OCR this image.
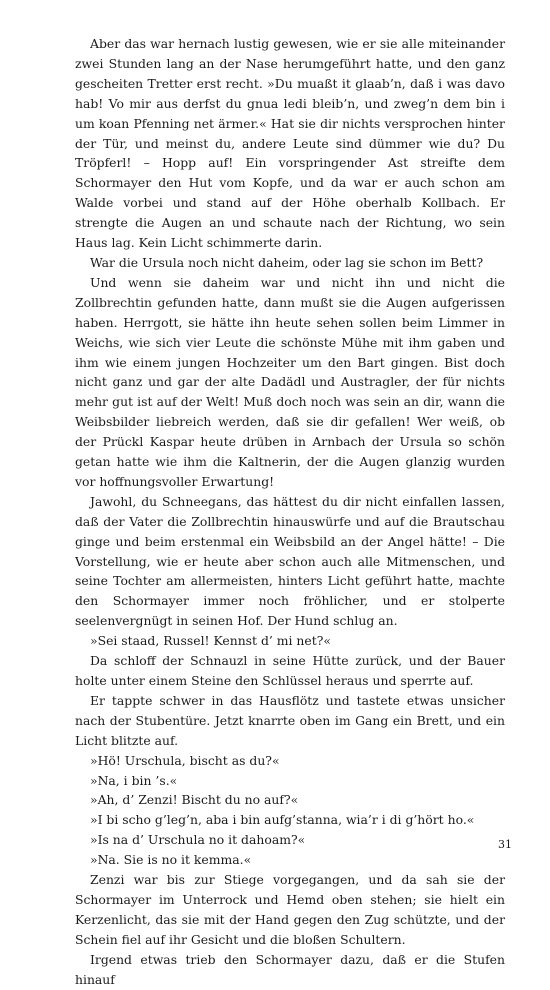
Aber das war hernach lustig gewesen, wie er sie alle miteinander zwei Stunden lang an der Nase herumgeführt hatte, und den ganz gescheiten Tretter erst recht. »Du muaßt it glaab’n, daß i was davo hab! Vo mir aus derfst du gnua ledi bleib’n, und zweg’n dem bin i um koan Pfenning net ärmer.« Hat sie dir nichts versprochen hinter der Tür, und meinst du, andere Leute sind dümmer wie du? Du Tröpferl! – Hopp auf! Ein vorspringender Ast streifte dem Schormayer den Hut vom Kopfe, und da war er auch schon am Walde vorbei und stand auf der Höhe oberhalb Kollbach. Er strengte die Augen an und schaute nach der Richtung, wo sein Haus lag. Kein Licht schimmerte darin.

War die Ursula noch nicht daheim, oder lag sie schon im Bett?

Und wenn sie daheim war und nicht ihn und nicht die Zollbrechtin gefunden hatte, dann mußt sie die Augen aufgerissen haben. Herrgott, sie hätte ihn heute sehen sollen beim Limmer in Weichs, wie sich vier Leute die schönste Mühe mit ihm gaben und ihm wie einem jungen Hochzeiter um den Bart gingen. Bist doch nicht ganz und gar der alte Dadädl und Austragler, der für nichts mehr gut ist auf der Welt! Muß doch noch was sein an dir, wann die Weibsbilder liebreich werden, daß sie dir gefallen! Wer weiß, ob der Prückl Kaspar heute drüben in Arnbach der Ursula so schön getan hatte wie ihm die Kaltnerin, der die Augen glanzig wurden vor hoffnungsvoller Erwartung!

Jawohl, du Schneegans, das hättest du dir nicht einfallen lassen, daß der Vater die Zollbrechtin hinauswürfe und auf die Brautschau ginge und beim erstenmal ein Weibsbild an der Angel hätte! – Die Vorstellung, wie er heute aber schon auch alle Mitmenschen, und seine Tochter am allermeisten, hinters Licht geführt hatte, machte den Schormayer immer noch fröhlicher, und er stolperte seelenvergnügt in seinen Hof. Der Hund schlug an.

»Sei staad, Russel! Kennst d’ mi net?«

Da schloff der Schnauzl in seine Hütte zurück, und der Bauer holte unter einem Steine den Schlüssel heraus und sperrte auf.

Er tappte schwer in das Hausflötz und tastete etwas unsicher nach der Stubentüre. Jetzt knarrte oben im Gang ein Brett, und ein Licht blitzte auf.

»Hö! Urschula, bischt as du?«

»Na, i bin ’s.«

»Ah, d’ Zenzi! Bischt du no auf?«

»I bi scho g’leg’n, aba i bin aufg’stanna, wia’r i di g’hört ho.«

»Is na d’ Urschula no it dahoam?«

»Na. Sie is no it kemma.«

Zenzi war bis zur Stiege vorgegangen, und da sah sie der Schormayer im Unterrock und Hemd oben stehen; sie hielt ein Kerzenlicht, das sie mit der Hand gegen den Zug schützte, und der Schein fiel auf ihr Gesicht und die bloßen Schultern.

Irgend etwas trieb den Schormayer dazu, daß er die Stufen hinauf

31
